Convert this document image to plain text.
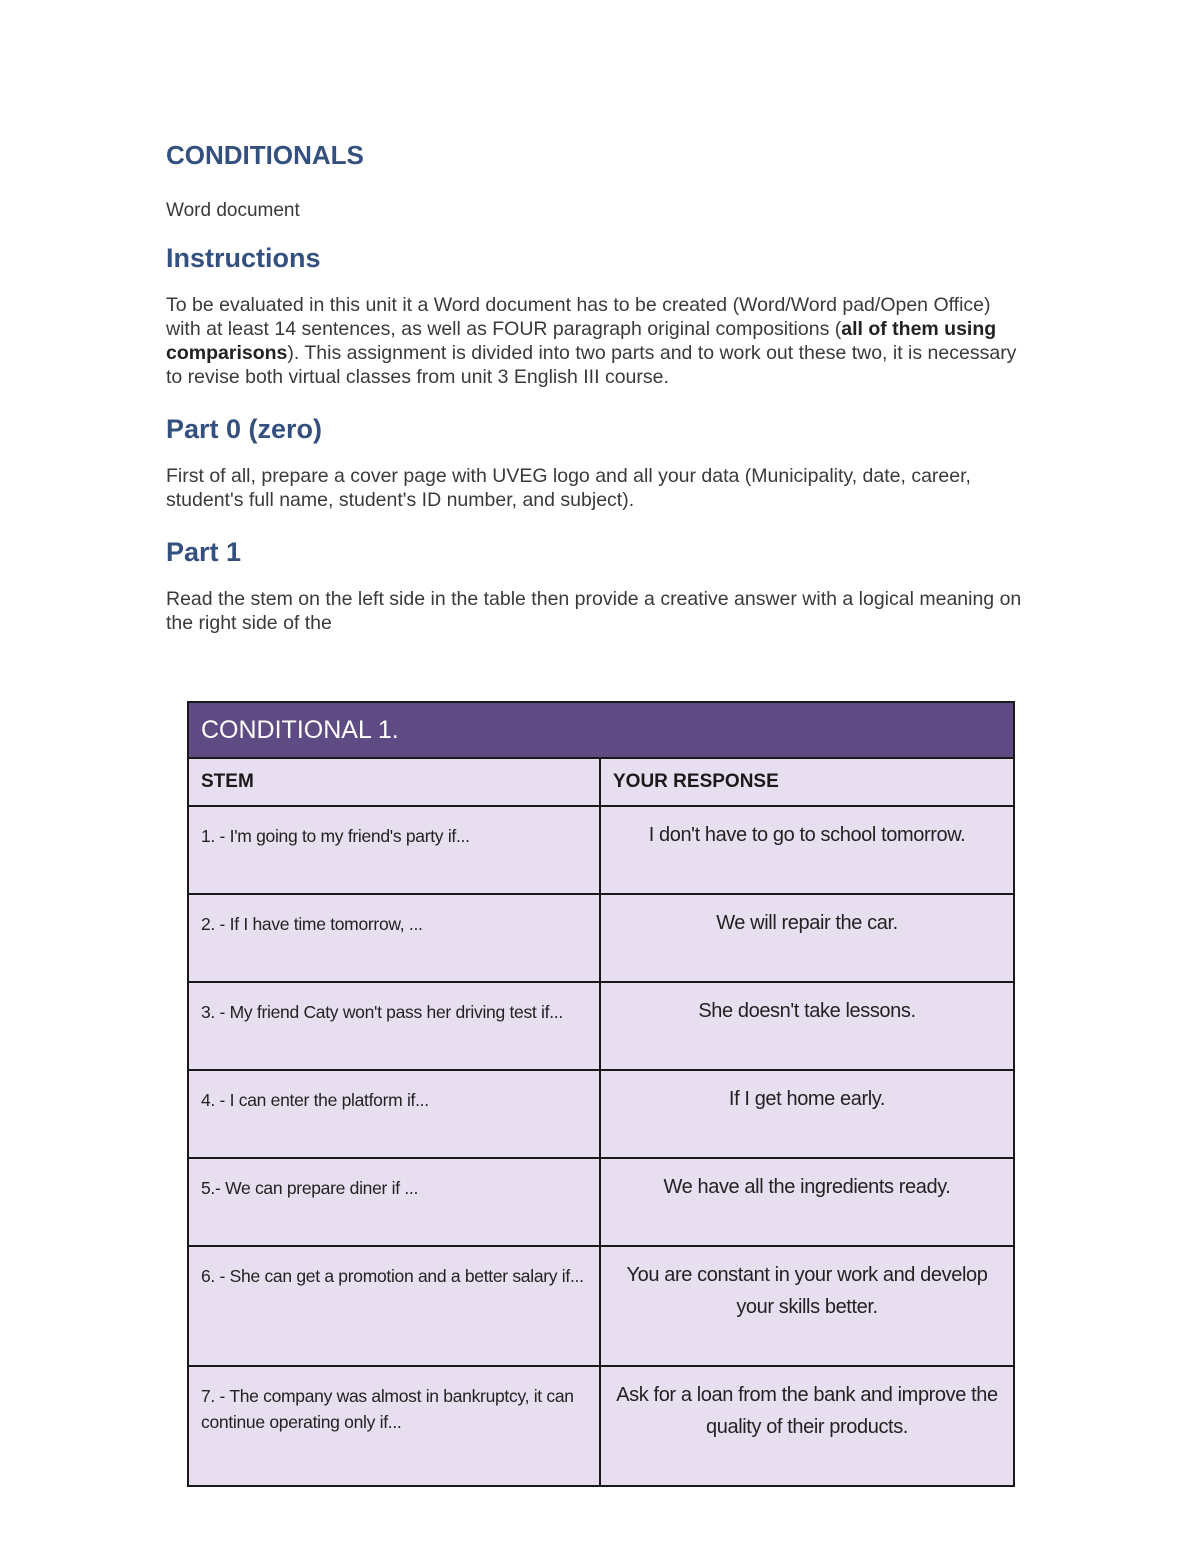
CONDITIONALS
Word document
Instructions

To be evaluated in this unit it a Word document has to be created (Word/Word pad/Open Office) with at least 14 sentences, as well as FOUR paragraph original compositions (all of them using comparisons). This assignment is divided into two parts and to work out these two, it is necessary to revise both virtual classes from unit 3 English III course.

Part 0 (zero)

First of all, prepare a cover page with UVEG logo and all your data (Municipality, date, career, student's full name, student's ID number, and subject).

Part 1

Read the stem on the left side in the table then provide a creative answer with a logical meaning on the right side of the

CONDITIONAL 1.	
STEM	YOUR RESPONSE
1. - I'm going to my friend's party if...	I don't have to go to school tomorrow.
2. - If I have time tomorrow, ...	We will repair the car.
3. - My friend Caty won't pass her driving test if...	She doesn't take lessons.
4. - I can enter the platform if...	If I get home early.
5.- We can prepare diner if ...	We have all the ingredients ready.
6. - She can get a promotion and a better salary if...	You are constant in your work and develop your skills better.
7. - The company was almost in bankruptcy, it can continue operating only if...	Ask for a loan from the bank and improve the quality of their products.
